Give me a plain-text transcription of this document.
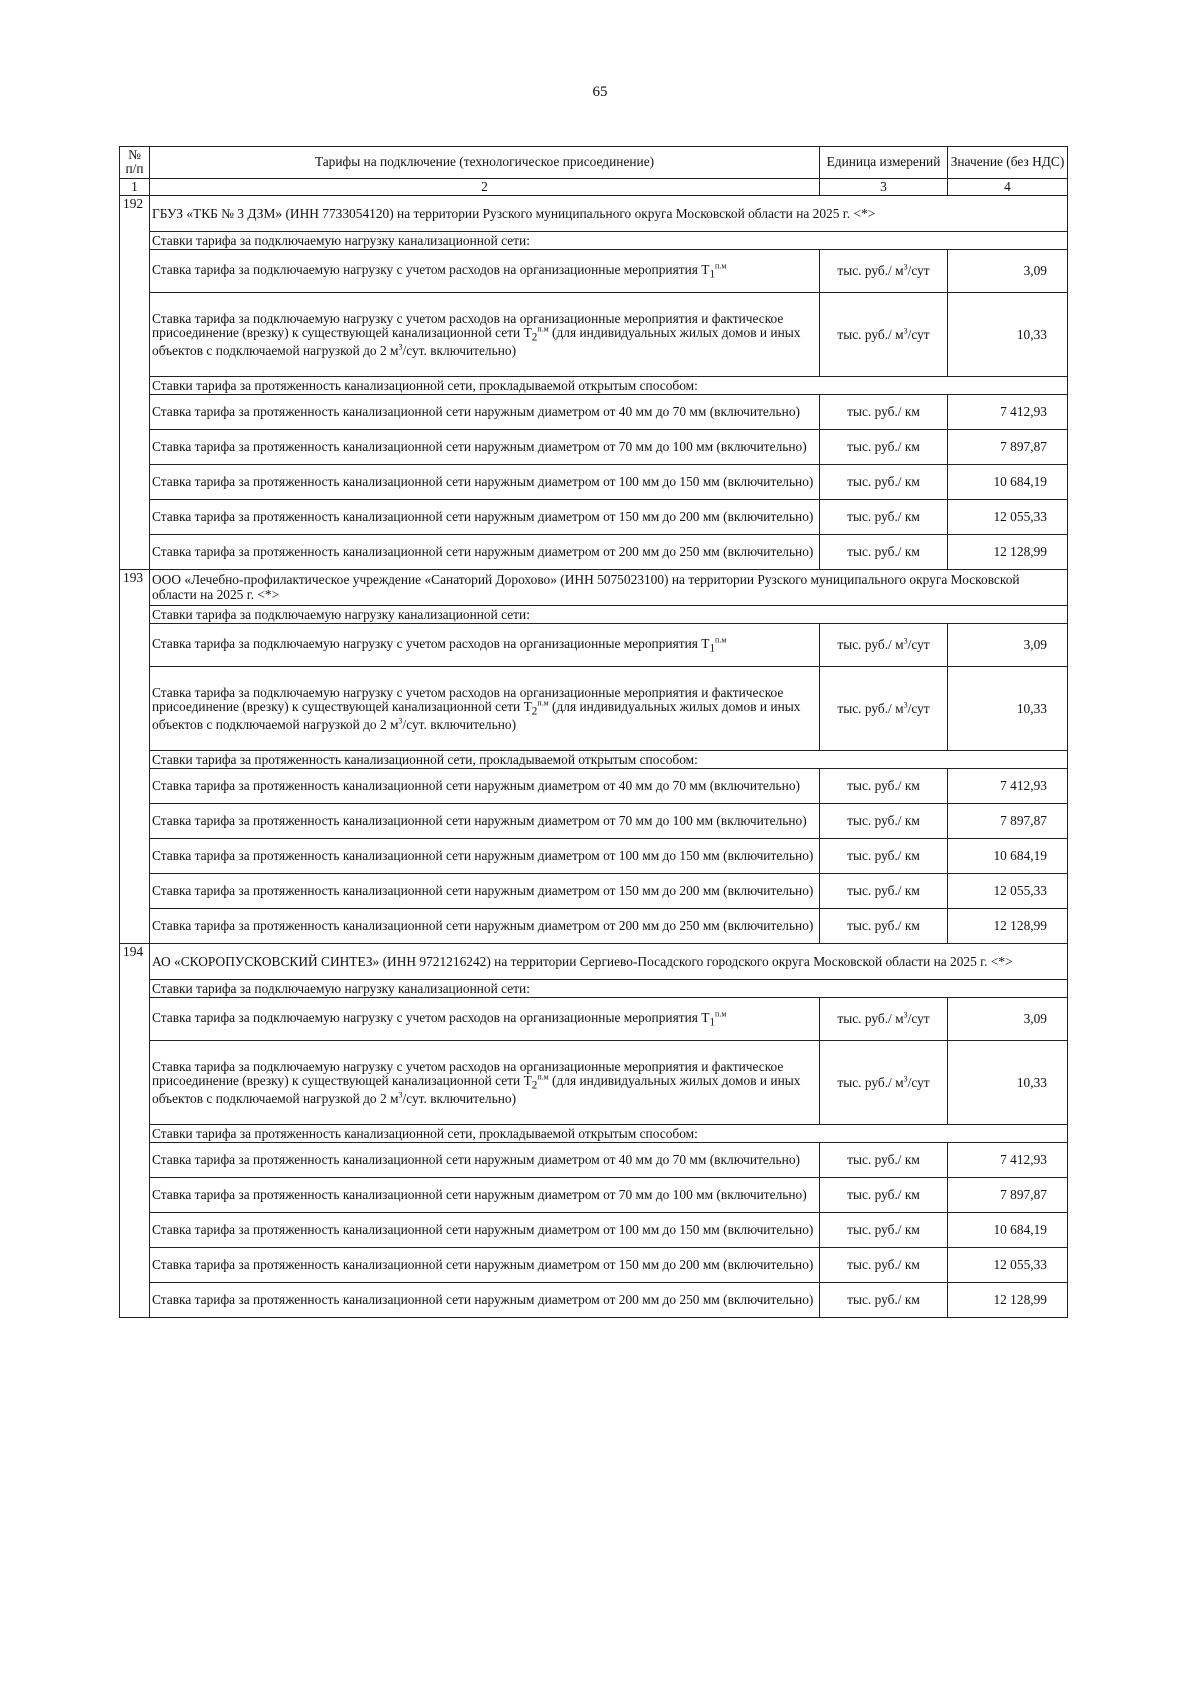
65
№ п/п	Тарифы на подключение (технологическое присоединение)	Единица измерений	Значение (без НДС)
1	2	3	4
192	ГБУЗ «ТКБ № 3 ДЗМ» (ИНН 7733054120) на территории Рузского муниципального округа Московской области на 2025 г. <*>		
	Ставки тарифа за подключаемую нагрузку канализационной сети:		
	Ставка тарифа за подключаемую нагрузку с учетом расходов на организационные мероприятия $T_1^{п.м}$	тыс. руб./ $м^3$/сут	3,09
	Ставка тарифа за подключаемую нагрузку с учетом расходов на организационные мероприятия и фактическое присоединение (врезку) к существующей канализационной сети $T_2^{п.м}$ (для индивидуальных жилых домов и иных объектов с подключаемой нагрузкой до 2 $м^3$/сут. включительно)	тыс. руб./ $м^3$/сут	10,33
	Ставки тарифа за протяженность канализационной сети, прокладываемой открытым способом:		
	Ставка тарифа за протяженность канализационной сети наружным диаметром от 40 мм до 70 мм (включительно)	тыс. руб./ км	7 412,93
	Ставка тарифа за протяженность канализационной сети наружным диаметром от 70 мм до 100 мм (включительно)	тыс. руб./ км	7 897,87
	Ставка тарифа за протяженность канализационной сети наружным диаметром от 100 мм до 150 мм (включительно)	тыс. руб./ км	10 684,19
	Ставка тарифа за протяженность канализационной сети наружным диаметром от 150 мм до 200 мм (включительно)	тыс. руб./ км	12 055,33
	Ставка тарифа за протяженность канализационной сети наружным диаметром от 200 мм до 250 мм (включительно)	тыс. руб./ км	12 128,99
193	ООО «Лечебно-профилактическое учреждение «Санаторий Дорохово» (ИНН 5075023100) на территории Рузского муниципального округа Московской области на 2025 г. <*>		
	Ставки тарифа за подключаемую нагрузку канализационной сети:		
	Ставка тарифа за подключаемую нагрузку с учетом расходов на организационные мероприятия $T_1^{п.м}$	тыс. руб./ $м^3$/сут	3,09
	Ставка тарифа за подключаемую нагрузку с учетом расходов на организационные мероприятия и фактическое присоединение (врезку) к существующей канализационной сети $T_2^{п.м}$ (для индивидуальных жилых домов и иных объектов с подключаемой нагрузкой до 2 $м^3$/сут. включительно)	тыс. руб./ $м^3$/сут	10,33
	Ставки тарифа за протяженность канализационной сети, прокладываемой открытым способом:		
	Ставка тарифа за протяженность канализационной сети наружным диаметром от 40 мм до 70 мм (включительно)	тыс. руб./ км	7 412,93
	Ставка тарифа за протяженность канализационной сети наружным диаметром от 70 мм до 100 мм (включительно)	тыс. руб./ км	7 897,87
	Ставка тарифа за протяженность канализационной сети наружным диаметром от 100 мм до 150 мм (включительно)	тыс. руб./ км	10 684,19
	Ставка тарифа за протяженность канализационной сети наружным диаметром от 150 мм до 200 мм (включительно)	тыс. руб./ км	12 055,33
	Ставка тарифа за протяженность канализационной сети наружным диаметром от 200 мм до 250 мм (включительно)	тыс. руб./ км	12 128,99
194	АО «СКОРОПУСКОВСКИЙ СИНТЕЗ» (ИНН 9721216242) на территории Сергиево-Посадского городского округа Московской области на 2025 г. <*>		
	Ставки тарифа за подключаемую нагрузку канализационной сети:		
	Ставка тарифа за подключаемую нагрузку с учетом расходов на организационные мероприятия $T_1^{п.м}$	тыс. руб./ $м^3$/сут	3,09
	Ставка тарифа за подключаемую нагрузку с учетом расходов на организационные мероприятия и фактическое присоединение (врезку) к существующей канализационной сети $T_2^{п.м}$ (для индивидуальных жилых домов и иных объектов с подключаемой нагрузкой до 2 $м^3$/сут. включительно)	тыс. руб./ $м^3$/сут	10,33
	Ставки тарифа за протяженность канализационной сети, прокладываемой открытым способом:		
	Ставка тарифа за протяженность канализационной сети наружным диаметром от 40 мм до 70 мм (включительно)	тыс. руб./ км	7 412,93
	Ставка тарифа за протяженность канализационной сети наружным диаметром от 70 мм до 100 мм (включительно)	тыс. руб./ км	7 897,87
	Ставка тарифа за протяженность канализационной сети наружным диаметром от 100 мм до 150 мм (включительно)	тыс. руб./ км	10 684,19
	Ставка тарифа за протяженность канализационной сети наружным диаметром от 150 мм до 200 мм (включительно)	тыс. руб./ км	12 055,33
	Ставка тарифа за протяженность канализационной сети наружным диаметром от 200 мм до 250 мм (включительно)	тыс. руб./ км	12 128,99
